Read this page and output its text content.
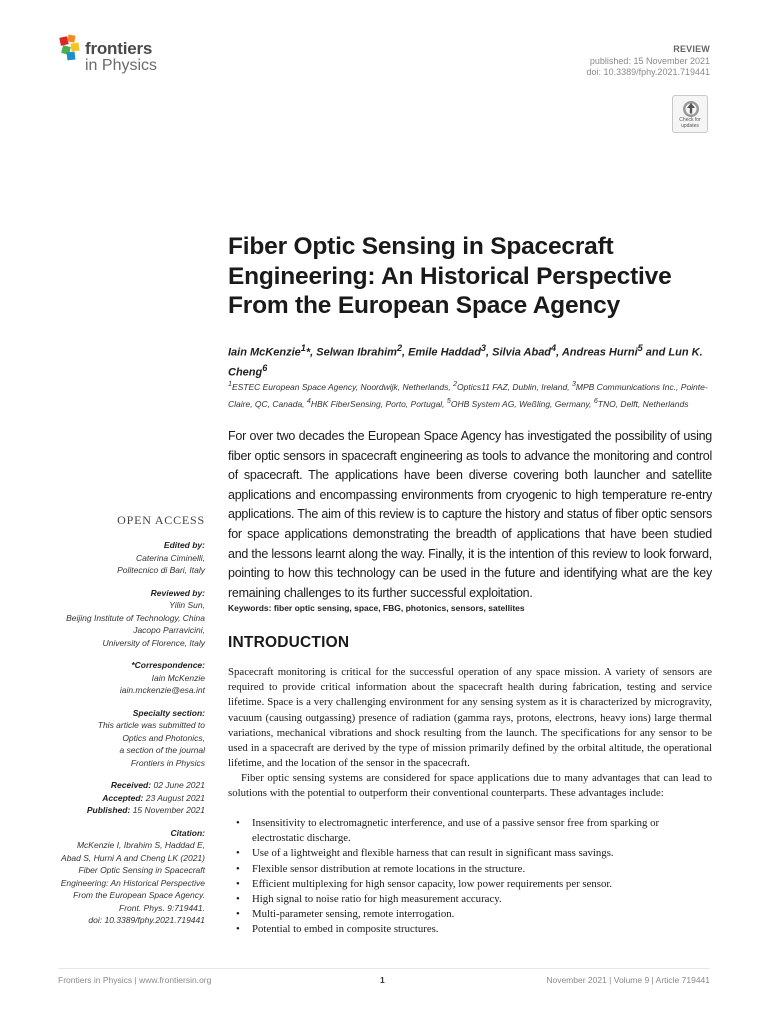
frontiers
in Physics
REVIEW
published: 15 November 2021
doi: 10.3389/fphy.2021.719441
Check for
updates
Fiber Optic Sensing in Spacecraft
Engineering: An Historical Perspective
From the European Space Agency
Iain McKenzie$^1$*, Selwan Ibrahim$^2$, Emile Haddad$^3$, Silvia Abad$^4$, Andreas Hurni$^5$ and Lun K. Cheng$^6$
$^1$ESTEC European Space Agency, Noordwijk, Netherlands, $^2$Optics11 FAZ, Dublin, Ireland, $^3$MPB Communications Inc., Pointe-Claire, QC, Canada, $^4$HBK FiberSensing, Porto, Portugal, $^5$OHB System AG, Weßling, Germany, $^6$TNO, Delft, Netherlands

For over two decades the European Space Agency has investigated the possibility of using fiber optic sensors in spacecraft engineering as tools to advance the monitoring and control of spacecraft. The applications have been diverse covering both launcher and satellite applications and encompassing environments from cryogenic to high temperature re-entry applications. The aim of this review is to capture the history and status of fiber optic sensors for space applications demonstrating the breadth of applications that have been studied and the lessons learnt along the way. Finally, it is the intention of this review to look forward, pointing to how this technology can be used in the future and identifying what are the key remaining challenges to its further successful exploitation.

Keywords: fiber optic sensing, space, FBG, photonics, sensors, satellites
INTRODUCTION

Spacecraft monitoring is critical for the successful operation of any space mission. A variety of sensors are required to provide critical information about the spacecraft health during fabrication, testing and service lifetime. Space is a very challenging environment for any sensing system as it is characterized by microgravity, vacuum (causing outgassing) presence of radiation (gamma rays, protons, electrons, heavy ions) large thermal variations, mechanical vibrations and shock resulting from the launch. The specifications for any sensor to be used in a spacecraft are derived by the type of mission primarily defined by the orbital altitude, the operational lifetime, and the location of the sensor in the spacecraft.

Fiber optic sensing systems are considered for space applications due to many advantages that can lead to solutions with the potential to outperform their conventional counterparts. These advantages include:

• Insensitivity to electromagnetic interference, and use of a passive sensor free from sparking or electrostatic discharge.
• Use of a lightweight and flexible harness that can result in significant mass savings.
• Flexible sensor distribution at remote locations in the structure.
• Efficient multiplexing for high sensor capacity, low power requirements per sensor.
• High signal to noise ratio for high measurement accuracy.
• Multi-parameter sensing, remote interrogation.
• Potential to embed in composite structures.
OPEN ACCESS
Edited by:
Caterina Ciminelli,
Politecnico di Bari, Italy
Reviewed by:
Yilin Sun,
Beijing Institute of Technology, China
Jacopo Parravicini,
University of Florence, Italy
*Correspondence:
Iain McKenzie
iain.mckenzie@esa.int
Specialty section:
This article was submitted to
Optics and Photonics,
a section of the journal
Frontiers in Physics
Received: 02 June 2021
Accepted: 23 August 2021
Published: 15 November 2021
Citation:
McKenzie I, Ibrahim S, Haddad E,
Abad S, Hurni A and Cheng LK (2021)
Fiber Optic Sensing in Spacecraft
Engineering: An Historical Perspective
From the European Space Agency.
Front. Phys. 9:719441.
doi: 10.3389/fphy.2021.719441
Frontiers in Physics | www.frontiersin.org	1	November 2021 | Volume 9 | Article 719441
